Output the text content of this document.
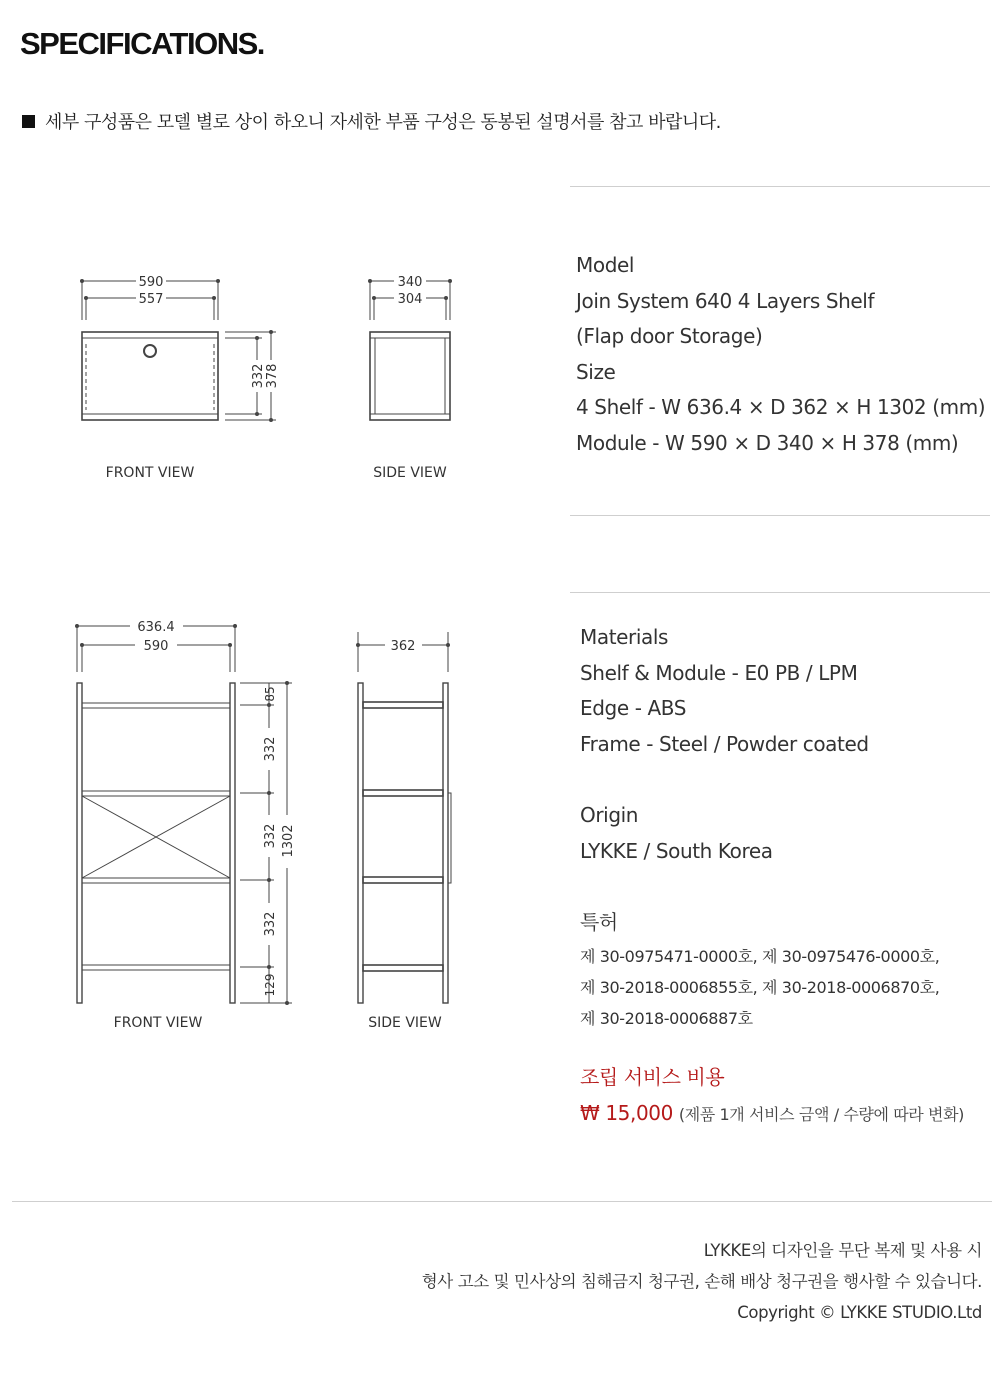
SPECIFICATIONS.
세부 구성품은 모델 별로 상이 하오니 자세한 부품 구성은 동봉된 설명서를 참고 바랍니다.
590
557
332 378
340
304
FRONT VIEW	SIDE VIEW
636.4
590	362
85
332
332
332
129
1302
FRONT VIEW	SIDE VIEW
Model
Join System 640 4 Layers Shelf
(Flap door Storage)
Size
4 Shelf - W 636.4 × D 362 × H 1302 (mm)
Module - W 590 × D 340 × H 378 (mm)
Materials
Shelf & Module - E0 PB / LPM
Edge - ABS
Frame - Steel / Powder coated
Origin
LYKKE / South Korea
특허
제 30-0975471-0000호, 제 30-0975476-0000호,
제 30-2018-0006855호, 제 30-2018-0006870호,
제 30-2018-0006887호
조립 서비스 비용
₩ 15,000 (제품 1개 서비스 금액 / 수량에 따라 변화)
LYKKE의 디자인을 무단 복제 및 사용 시
형사 고소 및 민사상의 침해금지 청구권, 손해 배상 청구권을 행사할 수 있습니다.
Copyright © LYKKE STUDIO.Ltd
